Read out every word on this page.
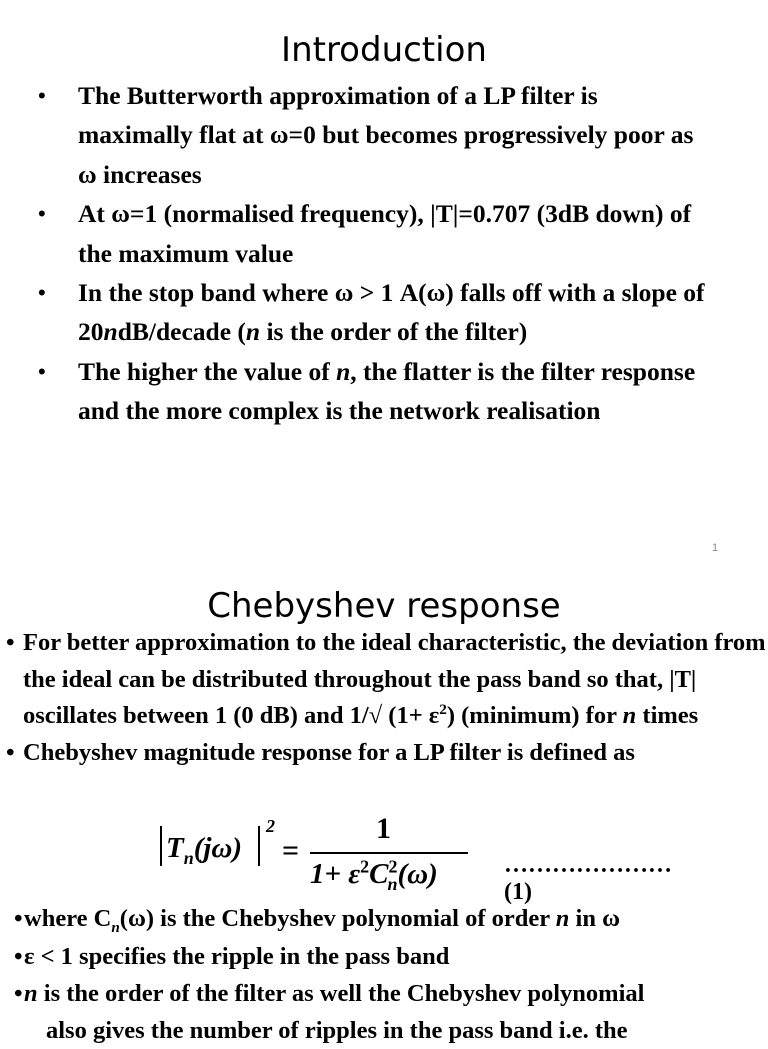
Introduction
• The Butterworth approximation of a LP filter is maximally flat at ω=0 but becomes progressively poor as ω increases
• At ω=1 (normalised frequency), |T|=0.707 (3dB down) of the maximum value
• In the stop band where ω > 1 A(ω) falls off with a slope of 20ndB/decade (n is the order of the filter)
• The higher the value of n, the flatter is the filter response and the more complex is the network realisation
1
Chebyshev response
• For better approximation to the ideal characteristic, the deviation from the ideal can be distributed throughout the pass band so that, |T| oscillates between 1 (0 dB) and 1/√ $(1+ \varepsilon^2)$ (minimum) for n times
• Chebyshev magnitude response for a LP filter is defined as
$T_n(j\omega)$
2
=
1
$1+ \varepsilon^2C^2_n(\omega)$	…………………(1)
• where $C_n(\omega)$ is the Chebyshev polynomial of order n in ω
• ε < 1 specifies the ripple in the pass band
• n is the order of the filter as well the Chebyshev polynomial
also gives the number of ripples in the pass band i.e. the
